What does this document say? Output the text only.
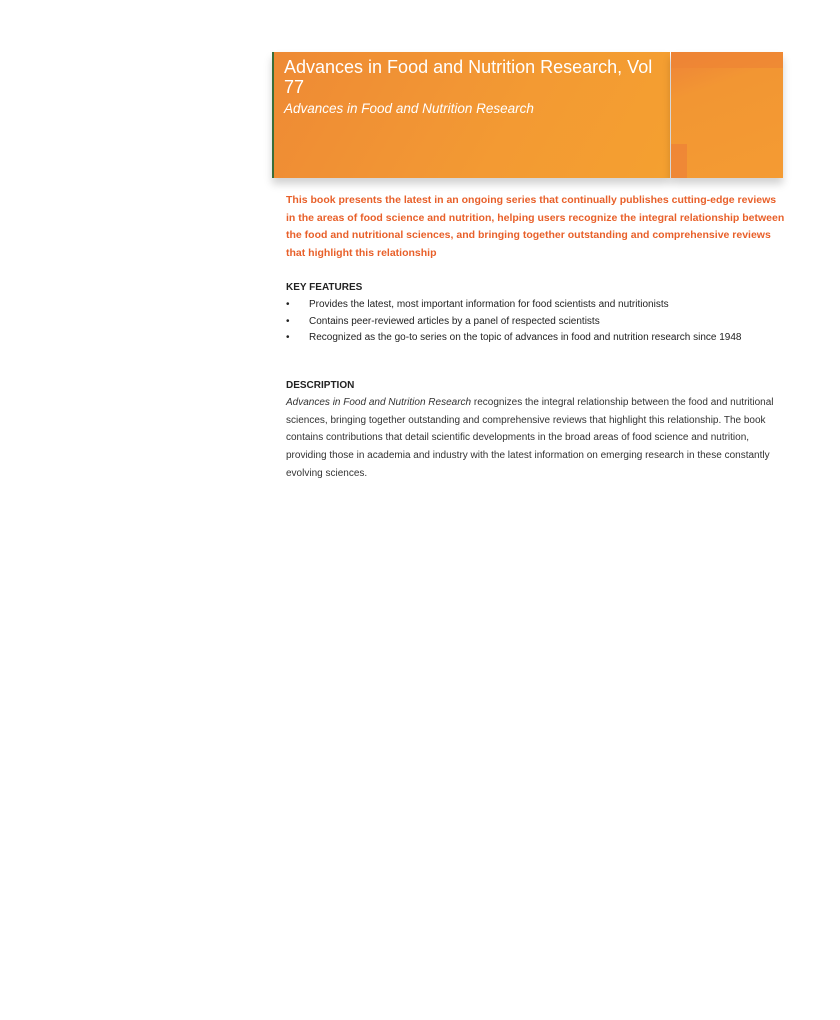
Advances in Food and Nutrition Research, Vol 77
Advances in Food and Nutrition Research
This book presents the latest in an ongoing series that continually publishes cutting-edge reviews in the areas of food science and nutrition, helping users recognize the integral relationship between the food and nutritional sciences, and bringing together outstanding and comprehensive reviews that highlight this relationship
KEY FEATURES
• Provides the latest, most important information for food scientists and nutritionists
• Contains peer-reviewed articles by a panel of respected scientists
• Recognized as the go-to series on the topic of advances in food and nutrition research since 1948
DESCRIPTION
Advances in Food and Nutrition Research recognizes the integral relationship between the food and nutritional sciences, bringing together outstanding and comprehensive reviews that highlight this relationship. The book contains contributions that detail scientific developments in the broad areas of food science and nutrition, providing those in academia and industry with the latest information on emerging research in these constantly evolving sciences.
